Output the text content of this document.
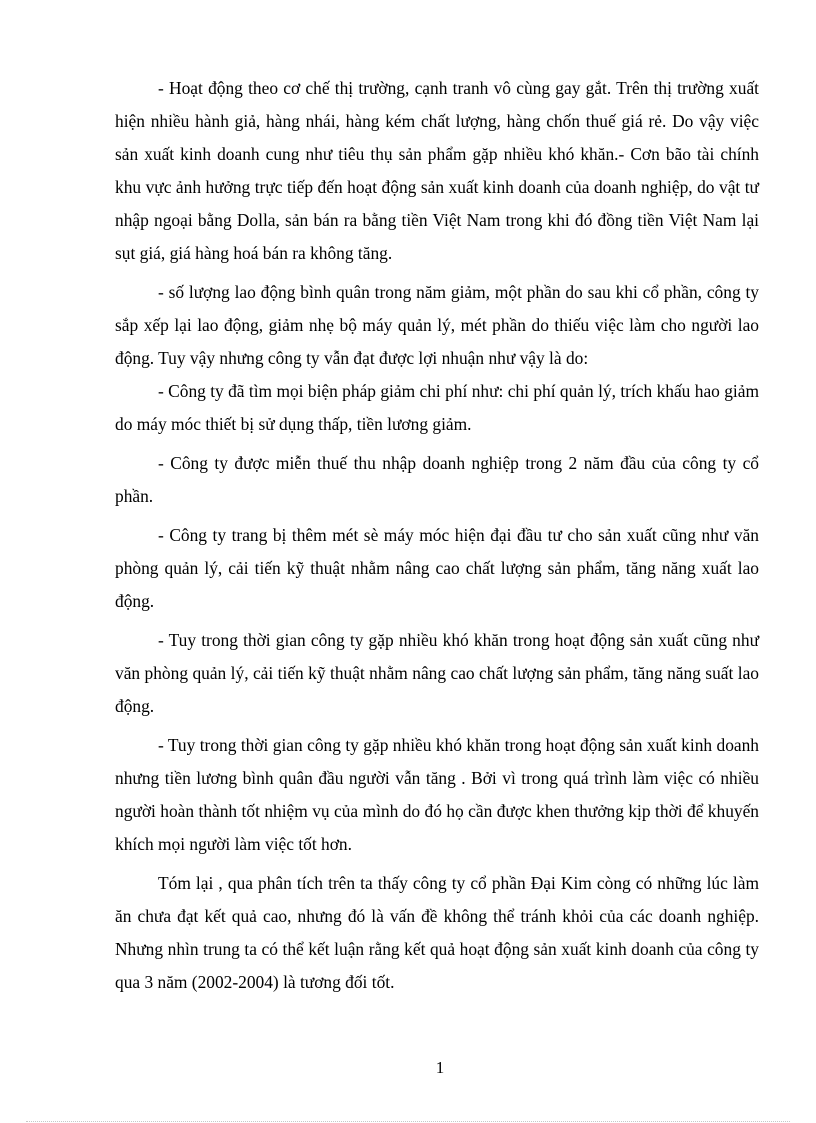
- Hoạt động theo cơ chế thị trường, cạnh tranh vô cùng gay gắt. Trên thị trường xuất hiện nhiều hành giả, hàng nhái, hàng kém chất lượng, hàng chốn thuế giá rẻ. Do vậy việc sản xuất kinh doanh cung như tiêu thụ sản phẩm gặp nhiều khó khăn.- Cơn bão tài chính khu vực ảnh hưởng trực tiếp đến hoạt động sản xuất kinh doanh của doanh nghiệp, do vật tư nhập ngoại bằng Dolla, sản bán ra bằng tiền Việt Nam trong khi đó đồng tiền Việt Nam lại sụt giá, giá hàng hoá bán ra không tăng.

- số lượng lao động bình quân trong năm giảm, một phần do sau khi cổ phần, công ty sắp xếp lại lao động, giảm nhẹ bộ máy quản lý, mét phần do thiếu việc làm cho người lao động. Tuy vậy nhưng công ty vẫn đạt được lợi nhuận như vậy là do:

- Công ty đã tìm mọi biện pháp giảm chi phí như: chi phí quản lý, trích khấu hao giảm do máy móc thiết bị sử dụng thấp, tiền lương giảm.

- Công ty được miễn thuế thu nhập doanh nghiệp trong 2 năm đầu của công ty cổ phần.

- Công ty trang bị thêm mét sè máy móc hiện đại đầu tư cho sản xuất cũng như văn phòng quản lý, cải tiến kỹ thuật nhằm nâng cao chất lượng sản phẩm, tăng năng xuất lao động.

- Tuy trong thời gian công ty gặp nhiều khó khăn trong hoạt động sản xuất cũng như văn phòng quản lý, cải tiến kỹ thuật nhằm nâng cao chất lượng sản phẩm, tăng năng suất lao động.

- Tuy trong thời gian công ty gặp nhiều khó khăn trong hoạt động sản xuất kinh doanh nhưng tiền lương bình quân đầu người vẫn tăng . Bởi vì trong quá trình làm việc có nhiều người hoàn thành tốt nhiệm vụ của mình do đó họ cần được khen thưởng kịp thời để khuyến khích mọi người làm việc tốt hơn.

Tóm lại , qua phân tích trên ta thấy công ty cổ phần Đại Kim còng có những lúc làm ăn chưa đạt kết quả cao, nhưng đó là vấn đề không thể tránh khỏi của các doanh nghiệp. Nhưng nhìn trung ta có thể kết luận rằng kết quả hoạt động sản xuất kinh doanh của công ty qua 3 năm (2002-2004) là tương đối tốt.

1
